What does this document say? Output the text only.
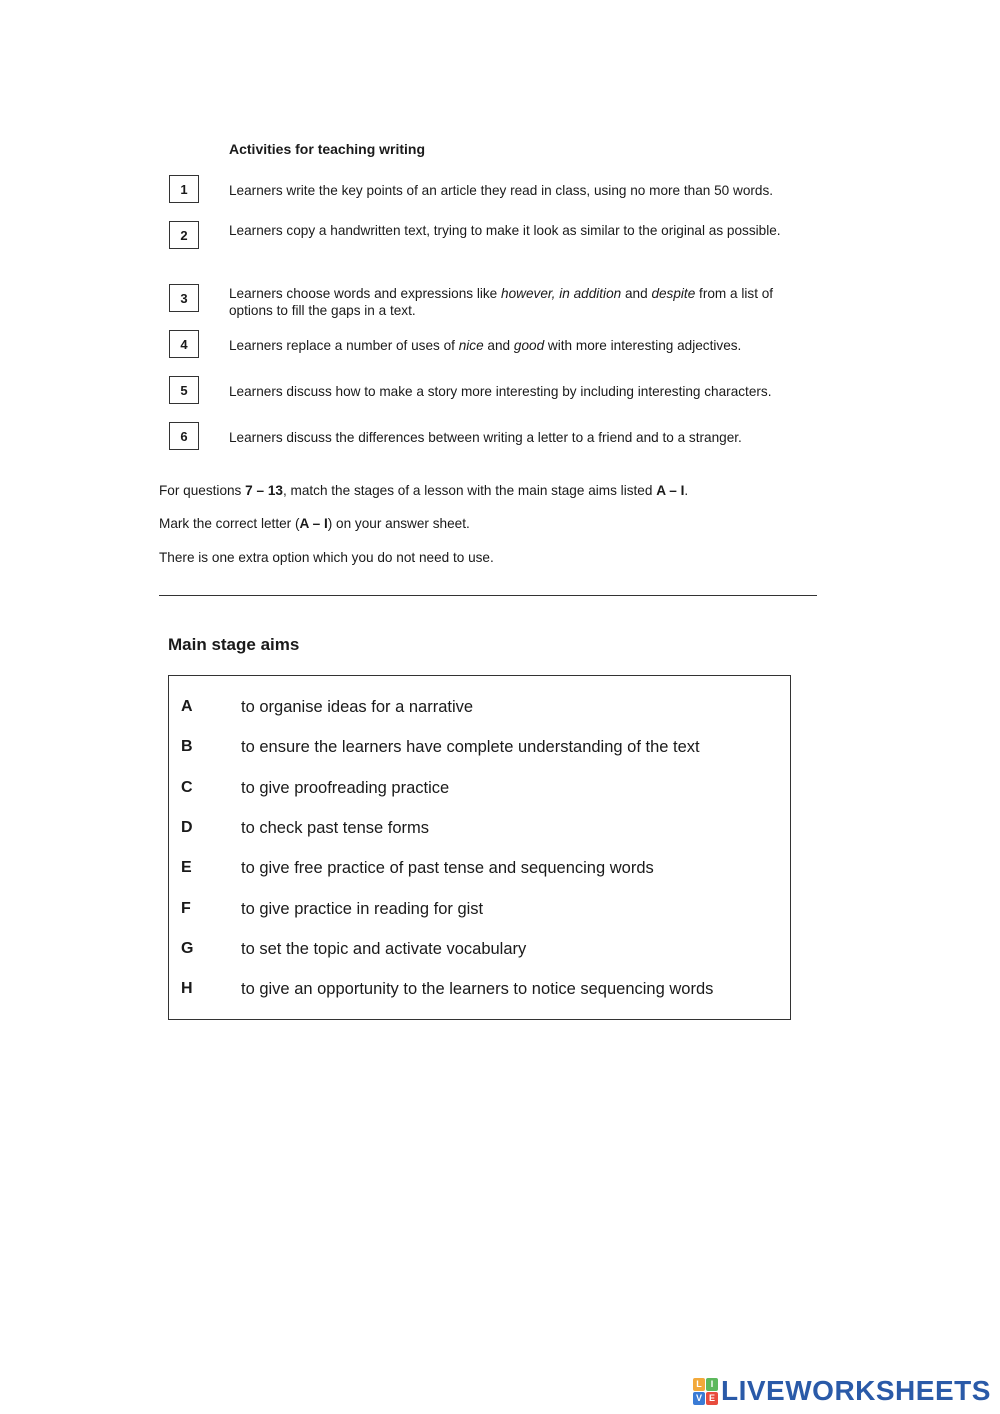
Activities for teaching writing
1	Learners write the key points of an article they read in class, using no more than 50 words.
2	Learners copy a handwritten text, trying to make it look as similar to the original as possible.
3	Learners choose words and expressions like however, in addition and despite from a list of options to fill the gaps in a text.
4	Learners replace a number of uses of nice and good with more interesting adjectives.
5	Learners discuss how to make a story more interesting by including interesting characters.
6	Learners discuss the differences between writing a letter to a friend and to a stranger.

For questions 7 – 13, match the stages of a lesson with the main stage aims listed A – I.

Mark the correct letter (A – I) on your answer sheet.

There is one extra option which you do not need to use.

Main stage aims
A	to organise ideas for a narrative
B	to ensure the learners have complete understanding of the text
C	to give proofreading practice
D	to check past tense forms
E	to give free practice of past tense and sequencing words
F	to give practice in reading for gist
G	to set the topic and activate vocabulary
H	to give an opportunity to the learners to notice sequencing words
L I
V E LIVEWORKSHEETS
